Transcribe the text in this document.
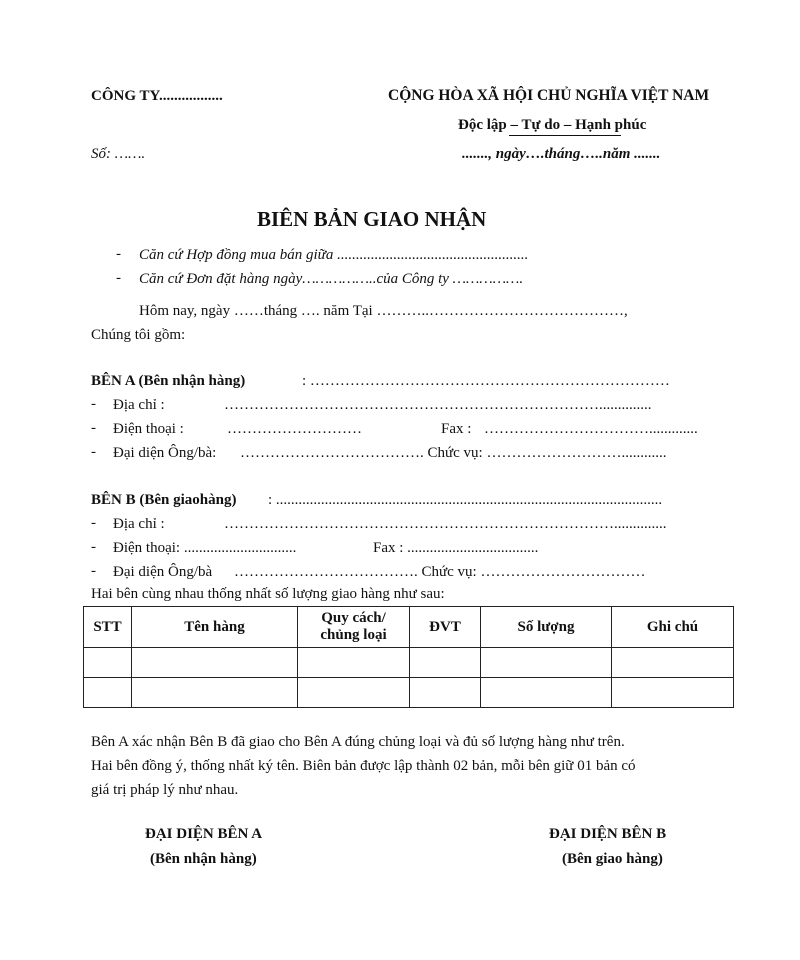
CÔNG TY.................
Số: …….
CỘNG HÒA XÃ HỘI CHỦ NGHĨA VIỆT NAM
Độc lập – Tự do – Hạnh phúc
......., ngày….tháng…..năm .......
BIÊN BẢN GIAO NHẬN
- Căn cứ Hợp đồng mua bán giữa ...................................................
- Căn cứ Đơn đặt hàng ngày……………..của Công ty …………….
Hôm nay, ngày ……tháng …. năm Tại ………..…………………………………,
Chúng tôi gồm:
BÊN A (Bên nhận hàng)	: ………………………………………………………………
- Địa chỉ :	…………………………………………………………………..............
- Điện thoại :	………………………	Fax : …………………………….............
- Đại diện Ông/bà: ………………………………. Chức vụ: ………………………............
BÊN B (Bên giaohàng) : .......................................................................................................
- Địa chỉ :	……………………………………………………………………..............
- Điện thoại: ..............................	Fax : ...................................
- Đại diện Ông/bà ………………………………. Chức vụ: ……………………………
Hai bên cùng nhau thống nhất số lượng giao hàng như sau:
STT	Tên hàng	Quy cách/ chủng loại	ĐVT	Số lượng	Ghi chú

Bên A xác nhận Bên B đã giao cho Bên A đúng chủng loại và đủ số lượng hàng như trên.
Hai bên đồng ý, thống nhất ký tên. Biên bản được lập thành 02 bản, mỗi bên giữ 01 bản có
giá trị pháp lý như nhau.
ĐẠI DIỆN BÊN A
(Bên nhận hàng)
ĐẠI DIỆN BÊN B
(Bên giao hàng)
